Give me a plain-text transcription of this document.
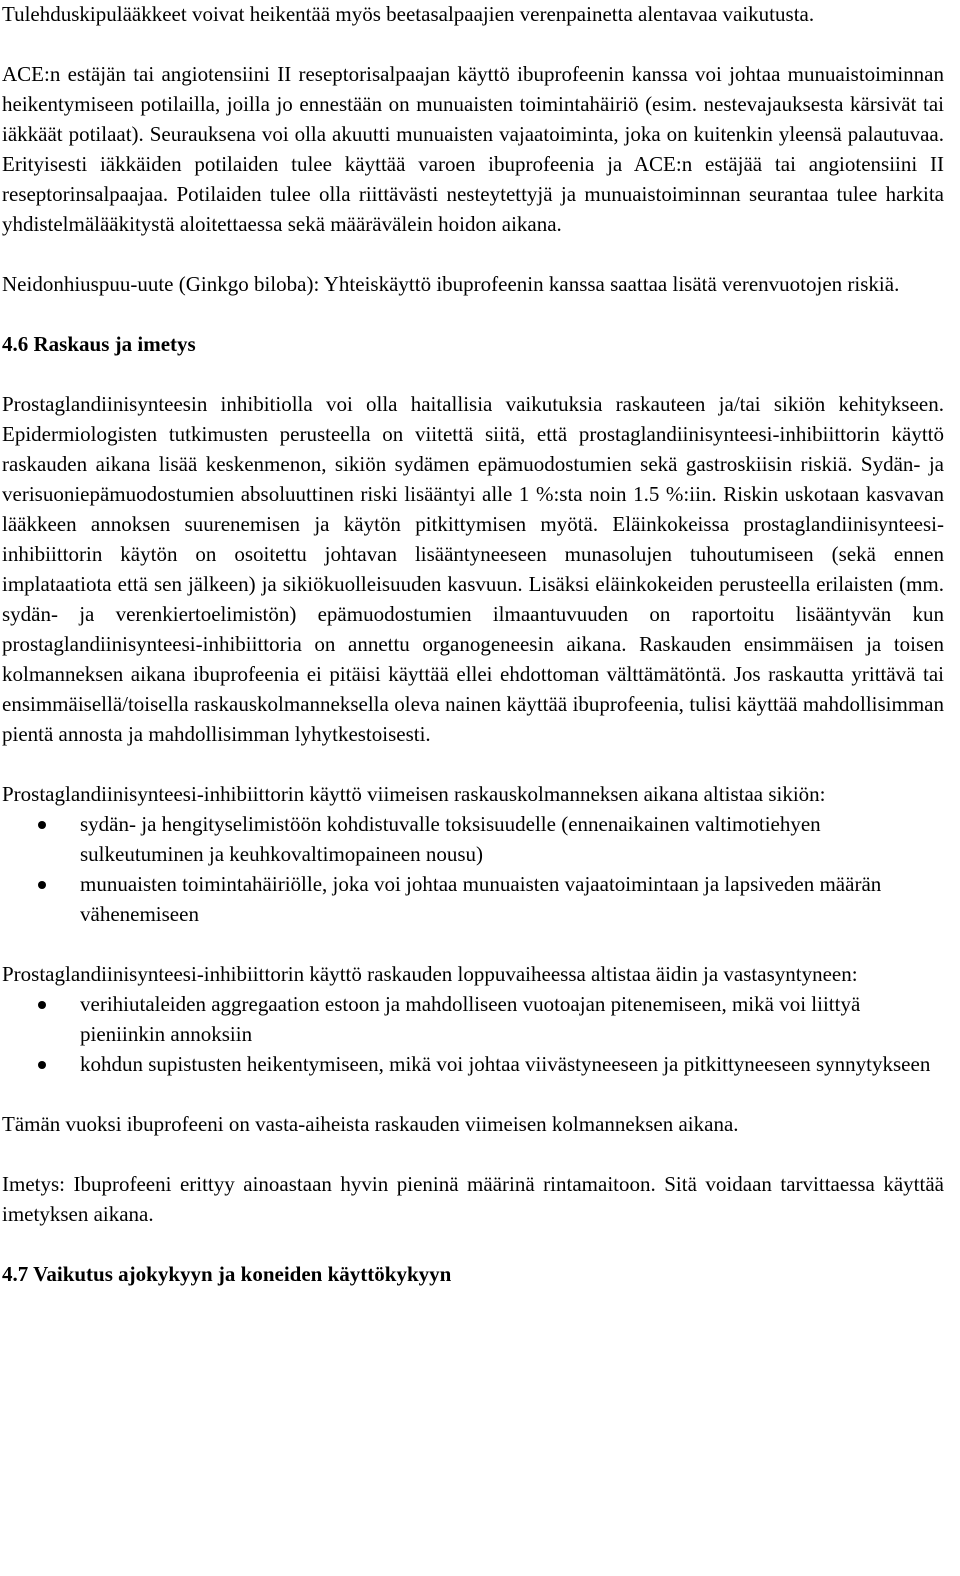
Tulehduskipulääkkeet voivat heikentää myös beetasalpaajien verenpainetta alentavaa vaikutusta.

ACE:n estäjän tai angiotensiini II reseptorisalpaajan käyttö ibuprofeenin kanssa voi johtaa munuaistoiminnan heikentymiseen potilailla, joilla jo ennestään on munuaisten toimintahäiriö (esim. nestevajauksesta kärsivät tai iäkkäät potilaat). Seurauksena voi olla akuutti munuaisten vajaatoiminta, joka on kuitenkin yleensä palautuvaa. Erityisesti iäkkäiden potilaiden tulee käyttää varoen ibuprofeenia ja ACE:n estäjää tai angiotensiini II reseptorinsalpaajaa. Potilaiden tulee olla riittävästi nesteytettyjä ja munuaistoiminnan seurantaa tulee harkita yhdistelmälääkitystä aloitettaessa sekä määrävälein hoidon aikana.

Neidonhiuspuu-uute (Ginkgo biloba): Yhteiskäyttö ibuprofeenin kanssa saattaa lisätä verenvuotojen riskiä.

4.6 Raskaus ja imetys

Prostaglandiinisynteesin inhibitiolla voi olla haitallisia vaikutuksia raskauteen ja/tai sikiön kehitykseen. Epidermiologisten tutkimusten perusteella on viitettä siitä, että prostaglandiinisynteesi-inhibiittorin käyttö raskauden aikana lisää keskenmenon, sikiön sydämen epämuodostumien sekä gastroskiisin riskiä. Sydän- ja verisuoniepämuodostumien absoluuttinen riski lisääntyi alle 1 %:sta noin 1.5 %:iin. Riskin uskotaan kasvavan lääkkeen annoksen suurenemisen ja käytön pitkittymisen myötä. Eläinkokeissa prostaglandiinisynteesi-inhibiittorin käytön on osoitettu johtavan lisääntyneeseen munasolujen tuhoutumiseen (sekä ennen implataatiota että sen jälkeen) ja sikiökuolleisuuden kasvuun. Lisäksi eläinkokeiden perusteella erilaisten (mm. sydän- ja verenkiertoelimistön) epämuodostumien ilmaantuvuuden on raportoitu lisääntyvän kun prostaglandiinisynteesi-inhibiittoria on annettu organogeneesin aikana. Raskauden ensimmäisen ja toisen kolmanneksen aikana ibuprofeenia ei pitäisi käyttää ellei ehdottoman välttämätöntä. Jos raskautta yrittävä tai ensimmäisellä/toisella raskauskolmanneksella oleva nainen käyttää ibuprofeenia, tulisi käyttää mahdollisimman pientä annosta ja mahdollisimman lyhytkestoisesti.

Prostaglandiinisynteesi-inhibiittorin käyttö viimeisen raskauskolmanneksen aikana altistaa sikiön:

sydän- ja hengityselimistöön kohdistuvalle toksisuudelle (ennenaikainen valtimotiehyen sulkeutuminen ja keuhkovaltimopaineen nousu)
munuaisten toimintahäiriölle, joka voi johtaa munuaisten vajaatoimintaan ja lapsiveden määrän vähenemiseen

Prostaglandiinisynteesi-inhibiittorin käyttö raskauden loppuvaiheessa altistaa äidin ja vastasyntyneen:

verihiutaleiden aggregaation estoon ja mahdolliseen vuotoajan pitenemiseen, mikä voi liittyä pieniinkin annoksiin
kohdun supistusten heikentymiseen, mikä voi johtaa viivästyneeseen ja pitkittyneeseen synnytykseen

Tämän vuoksi ibuprofeeni on vasta-aiheista raskauden viimeisen kolmanneksen aikana.

Imetys: Ibuprofeeni erittyy ainoastaan hyvin pieninä määrinä rintamaitoon. Sitä voidaan tarvittaessa käyttää imetyksen aikana.

4.7 Vaikutus ajokykyyn ja koneiden käyttökykyyn
